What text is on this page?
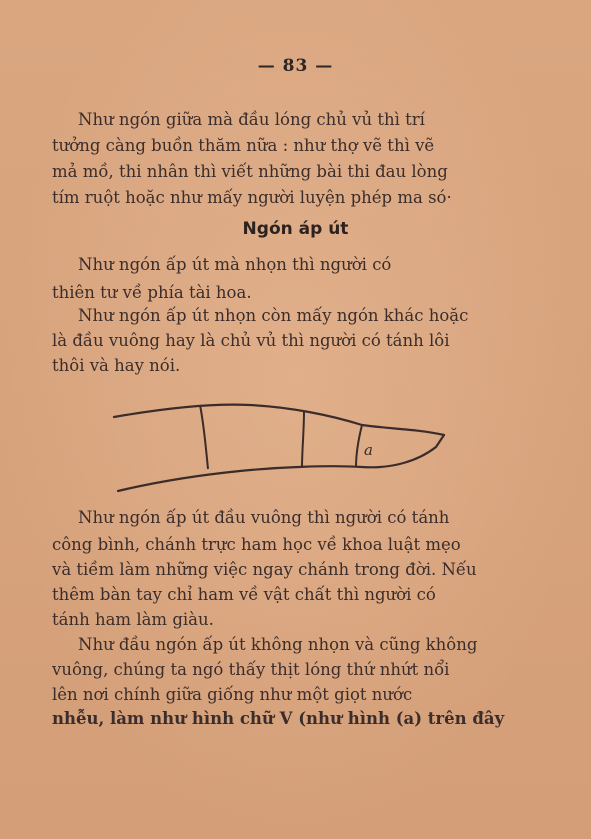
— 83 —
Như ngón giữa mà đầu lóng chủ vủ thì trí
tưởng càng buồn thăm nữa : như thợ vẽ thì vẽ
mả mồ, thi nhân thì viết những bài thi đau lòng
tím ruột hoặc như mấy người luyện phép ma só·
Ngón áp út
Như ngón ấp út mà nhọn thì người có
thiên tư về phía tài hoa.
Như ngón ấp út nhọn còn mấy ngón khác hoặc
là đầu vuông hay là chủ vủ thì người có tánh lôi
thôi và hay nói.
a
Như ngón ấp út đầu vuông thì người có tánh
công bình, chánh trực ham học về khoa luật mẹo
và tiềm làm những việc ngay chánh trong đời. Nếu
thêm bàn tay chỉ ham về vật chất thì người có
tánh ham làm giàu.
Như đầu ngón ấp út không nhọn và cũng không
vuông, chúng ta ngó thấy thịt lóng thứ nhứt nổi
lên nơi chính giữa giống như một giọt nước
nhễu, làm như hình chữ V (như hình (a) trên đây
